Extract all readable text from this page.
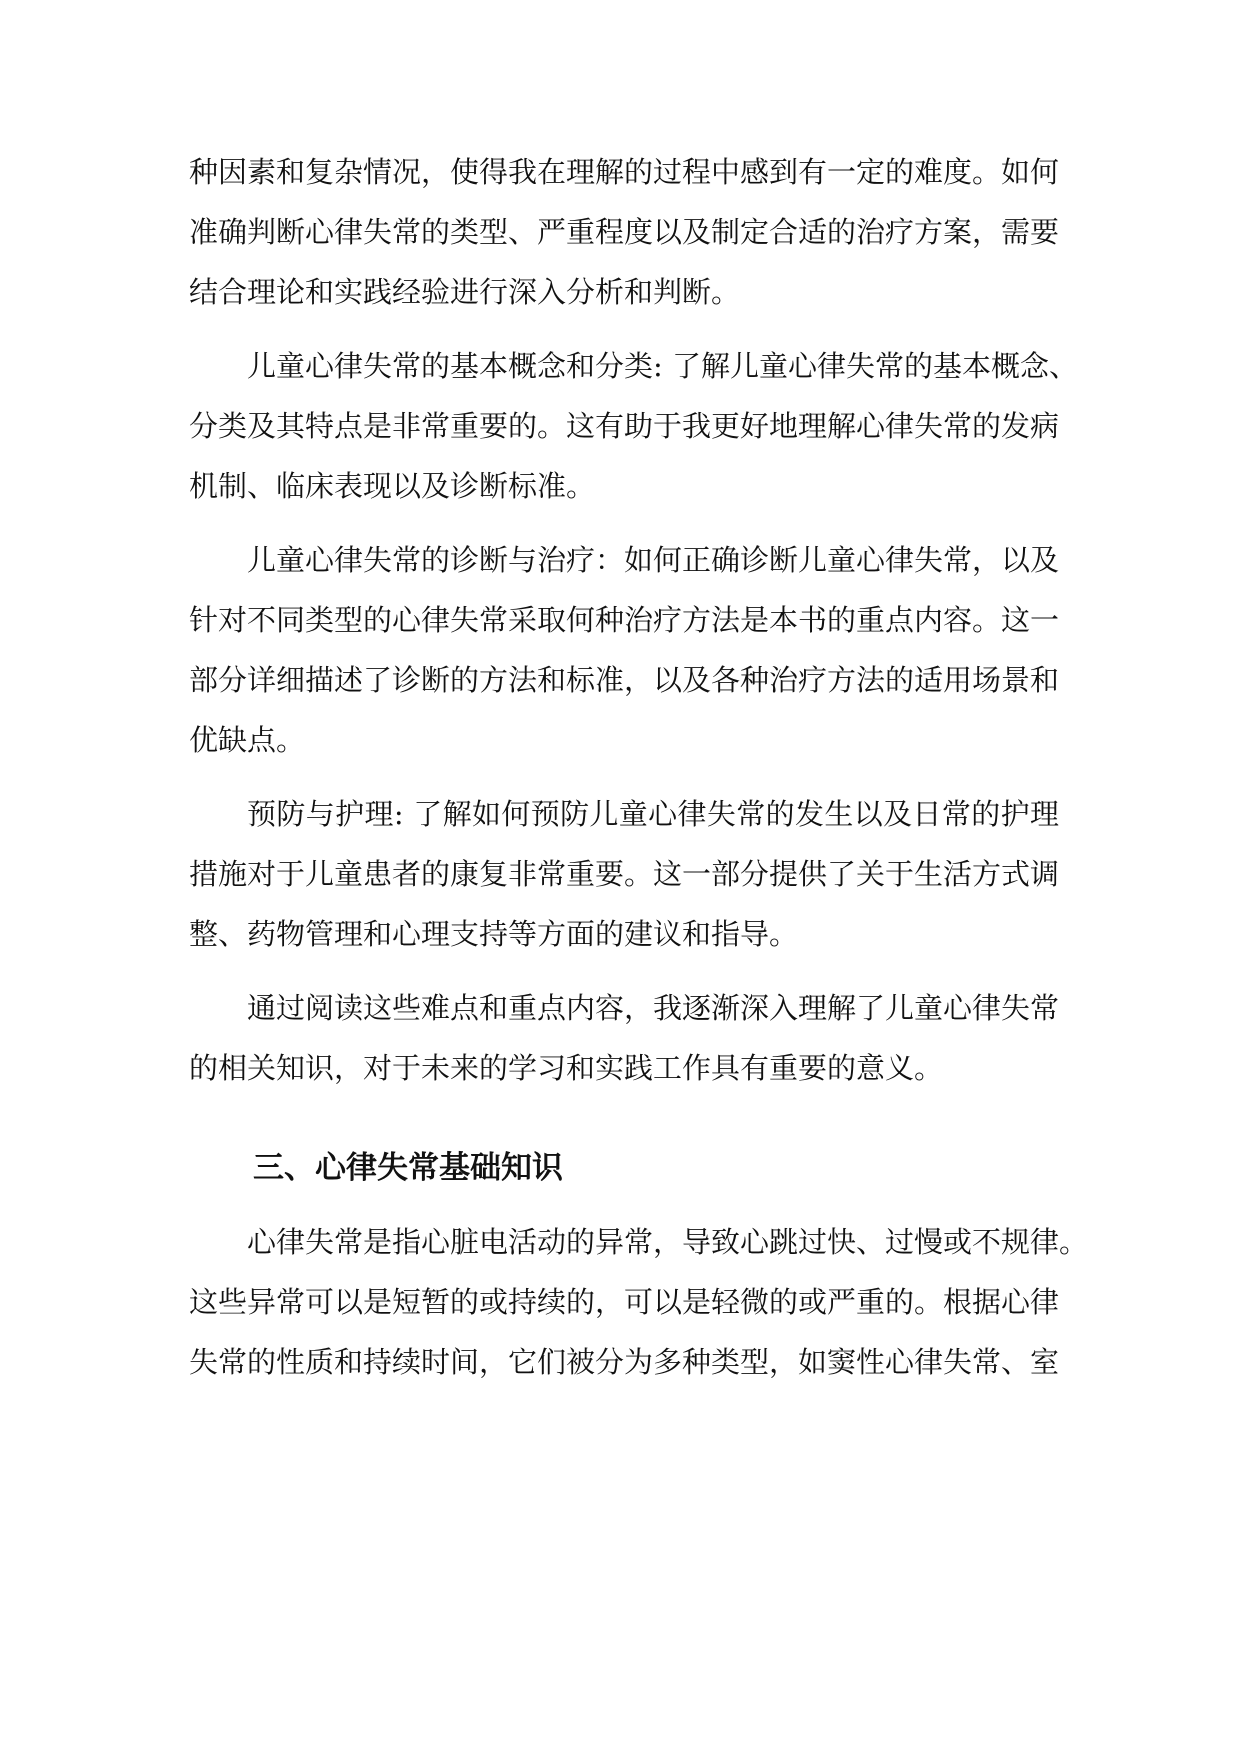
种因素和复杂情况，使得我在理解的过程中感到有一定的难度。如何
准确判断心律失常的类型、严重程度以及制定合适的治疗方案，需要
结合理论和实践经验进行深入分析和判断。
儿童心律失常的基本概念和分类: 了解儿童心律失常的基本概念、
分类及其特点是非常重要的。这有助于我更好地理解心律失常的发病
机制、临床表现以及诊断标准。
儿童心律失常的诊断与治疗：如何正确诊断儿童心律失常，以及
针对不同类型的心律失常采取何种治疗方法是本书的重点内容。这一
部分详细描述了诊断的方法和标准，以及各种治疗方法的适用场景和
优缺点。
预防与护理: 了解如何预防儿童心律失常的发生以及日常的护理
措施对于儿童患者的康复非常重要。这一部分提供了关于生活方式调
整、药物管理和心理支持等方面的建议和指导。
通过阅读这些难点和重点内容，我逐渐深入理解了儿童心律失常
的相关知识，对于未来的学习和实践工作具有重要的意义。
三、心律失常基础知识
心律失常是指心脏电活动的异常，导致心跳过快、过慢或不规律。
这些异常可以是短暂的或持续的，可以是轻微的或严重的。根据心律
失常的性质和持续时间，它们被分为多种类型，如窦性心律失常、室
